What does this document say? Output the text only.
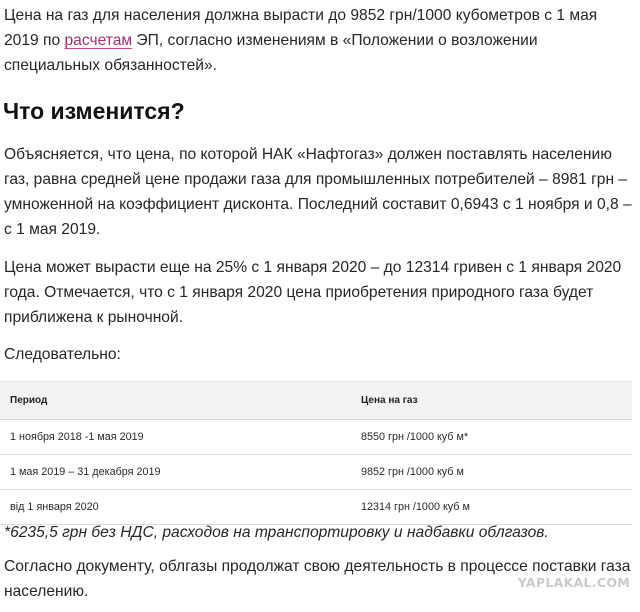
Цена на газ для населения должна вырасти до 9852 грн/1000 кубометров с 1 мая 2019 по расчетам ЭП, согласно изменениям в «Положении о возложении специальных обязанностей».

Что изменится?

Объясняется, что цена, по которой НАК «Нафтогаз» должен поставлять населению газ, равна средней цене продажи газа для промышленных потребителей – 8981 грн – умноженной на коэффициент дисконта. Последний составит 0,6943 с 1 ноября и 0,8 – с 1 мая 2019.

Цена может вырасти еще на 25% с 1 января 2020 – до 12314 гривен с 1 января 2020 года. Отмечается, что с 1 января 2020 цена приобретения природного газа будет приближена к рыночной.

Следовательно:

Период	Цена на газ
1 ноября 2018 -1 мая 2019	8550 грн /1000 куб м*
1 мая 2019 – 31 декабря 2019	9852 грн /1000 куб м
від 1 января 2020	12314 грн /1000 куб м

*6235,5 грн без НДС, расходов на транспортировку и надбавки облгазов.

Согласно документу, облгазы продолжат свою деятельность в процессе поставки газа населению.

YAPLAKAL.COM
